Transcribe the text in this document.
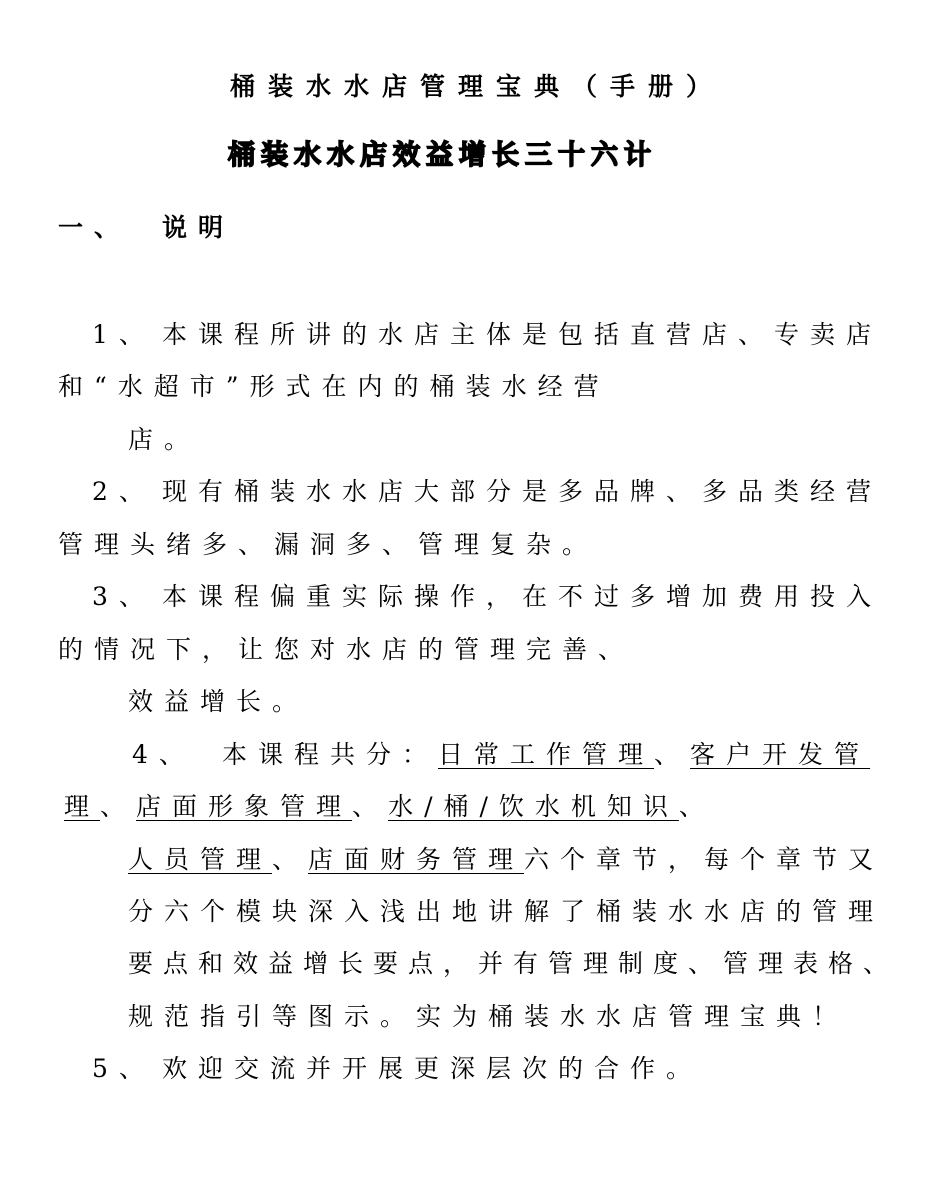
桶装水水店管理宝典（手册）
桶装水水店效益增长三十六计
一、 说明
1、 本课程所讲的水店主体是包括直营店、专卖店
和“水超市”形式在内的桶装水经营
店。
2、 现有桶装水水店大部分是多品牌、多品类经营
管理头绪多、漏洞多、管理复杂。
3、 本课程偏重实际操作，在不过多增加费用投入
的情况下，让您对水店的管理完善、
效益增长。
4、 本课程共分：日常工作管理、客户开发管
理、店面形象管理、水/桶/饮水机知识、
人员管理、店面财务管理六个章节，每个章节又
分六个模块深入浅出地讲解了桶装水水店的管理
要点和效益增长要点，并有管理制度、管理表格、
规范指引等图示。实为桶装水水店管理宝典！
5、 欢迎交流并开展更深层次的合作。
